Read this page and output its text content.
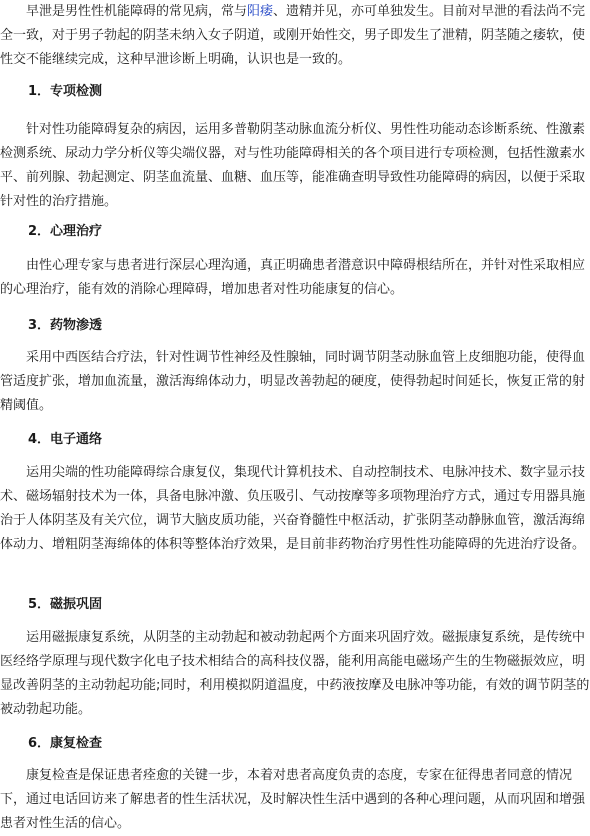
早泄是男性性机能障碍的常见病，常与阳痿、遗精并见，亦可单独发生。目前对早泄的看法尚不完全一致，对于男子勃起的阴茎未纳入女子阴道，或刚开始性交，男子即发生了泄精，阴茎随之痿软，使性交不能继续完成，这种早泄诊断上明确，认识也是一致的。

1．专项检测

针对性功能障碍复杂的病因，运用多普勒阴茎动脉血流分析仪、男性性功能动态诊断系统、性激素检测系统、尿动力学分析仪等尖端仪器，对与性功能障碍相关的各个项目进行专项检测，包括性激素水平、前列腺、勃起测定、阴茎血流量、血糖、血压等，能准确查明导致性功能障碍的病因，以便于采取针对性的治疗措施。

2．心理治疗

由性心理专家与患者进行深层心理沟通，真正明确患者潜意识中障碍根结所在，并针对性采取相应的心理治疗，能有效的消除心理障碍，增加患者对性功能康复的信心。

3．药物渗透

采用中西医结合疗法，针对性调节性神经及性腺轴，同时调节阴茎动脉血管上皮细胞功能，使得血管适度扩张，增加血流量，激活海绵体动力，明显改善勃起的硬度，使得勃起时间延长，恢复正常的射精阈值。

4．电子通络

运用尖端的性功能障碍综合康复仪，集现代计算机技术、自动控制技术、电脉冲技术、数字显示技术、磁场辐射技术为一体，具备电脉冲激、负压吸引、气动按摩等多项物理治疗方式，通过专用器具施治于人体阴茎及有关穴位，调节大脑皮质功能，兴奋脊髓性中枢活动，扩张阴茎动静脉血管，激活海绵体动力、增粗阴茎海绵体的体积等整体治疗效果，是目前非药物治疗男性性功能障碍的先进治疗设备。

5．磁振巩固

运用磁振康复系统，从阴茎的主动勃起和被动勃起两个方面来巩固疗效。磁振康复系统，是传统中医经络学原理与现代数字化电子技术相结合的高科技仪器，能利用高能电磁场产生的生物磁振效应，明显改善阴茎的主动勃起功能;同时，利用模拟阴道温度，中药液按摩及电脉冲等功能，有效的调节阴茎的被动勃起功能。

6．康复检查

康复检查是保证患者痊愈的关键一步，本着对患者高度负责的态度，专家在征得患者同意的情况下，通过电话回访来了解患者的性生活状况，及时解决性生活中遇到的各种心理问题，从而巩固和增强患者对性生活的信心。
